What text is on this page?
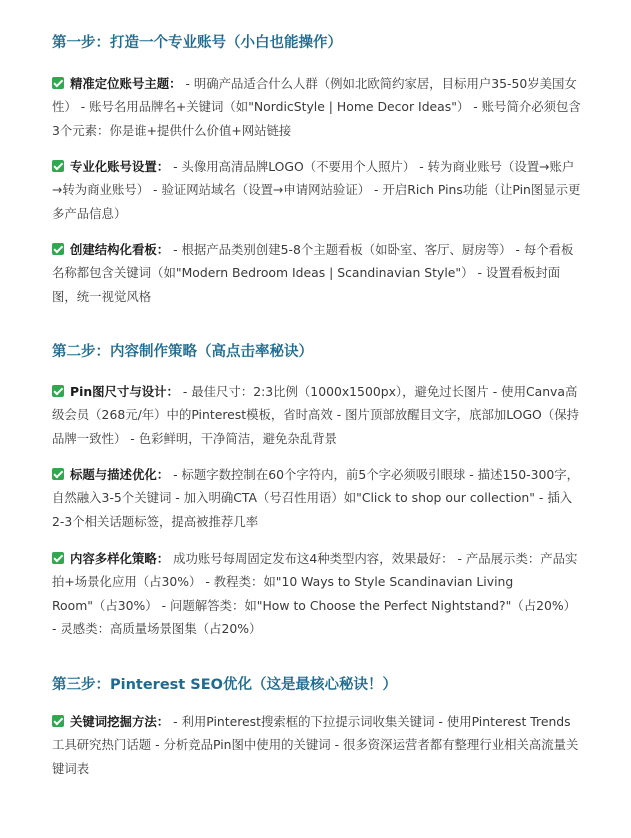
第一步：打造一个专业账号（小白也能操作）

精准定位账号主题： - 明确产品适合什么人群（例如北欧简约家居，目标用户35-50岁美国女性） - 账号名用品牌名+关键词（如"NordicStyle | Home Decor Ideas"） - 账号简介必须包含3个元素：你是谁+提供什么价值+网站链接

专业化账号设置： - 头像用高清品牌LOGO（不要用个人照片） - 转为商业账号（设置→账户→转为商业账号） - 验证网站域名（设置→申请网站验证） - 开启Rich Pins功能（让Pin图显示更多产品信息）

创建结构化看板： - 根据产品类别创建5-8个主题看板（如卧室、客厅、厨房等） - 每个看板名称都包含关键词（如"Modern Bedroom Ideas | Scandinavian Style"） - 设置看板封面图，统一视觉风格

第二步：内容制作策略（高点击率秘诀）

Pin图尺寸与设计： - 最佳尺寸：2:3比例（1000x1500px），避免过长图片 - 使用Canva高级会员（268元/年）中的Pinterest模板，省时高效 - 图片顶部放醒目文字，底部加LOGO（保持品牌一致性） - 色彩鲜明，干净简洁，避免杂乱背景

标题与描述优化： - 标题字数控制在60个字符内，前5个字必须吸引眼球 - 描述150-300字，自然融入3-5个关键词 - 加入明确CTA（号召性用语）如"Click to shop our collection" - 插入2-3个相关话题标签，提高被推荐几率

内容多样化策略： 成功账号每周固定发布这4种类型内容，效果最好： - 产品展示类：产品实拍+场景化应用（占30%） - 教程类：如"10 Ways to Style Scandinavian Living Room"（占30%） - 问题解答类：如"How to Choose the Perfect Nightstand?"（占20%） - 灵感类：高质量场景图集（占20%）

第三步：Pinterest SEO优化（这是最核心秘诀！）

关键词挖掘方法： - 利用Pinterest搜索框的下拉提示词收集关键词 - 使用Pinterest Trends工具研究热门话题 - 分析竞品Pin图中使用的关键词 - 很多资深运营者都有整理行业相关高流量关键词表
